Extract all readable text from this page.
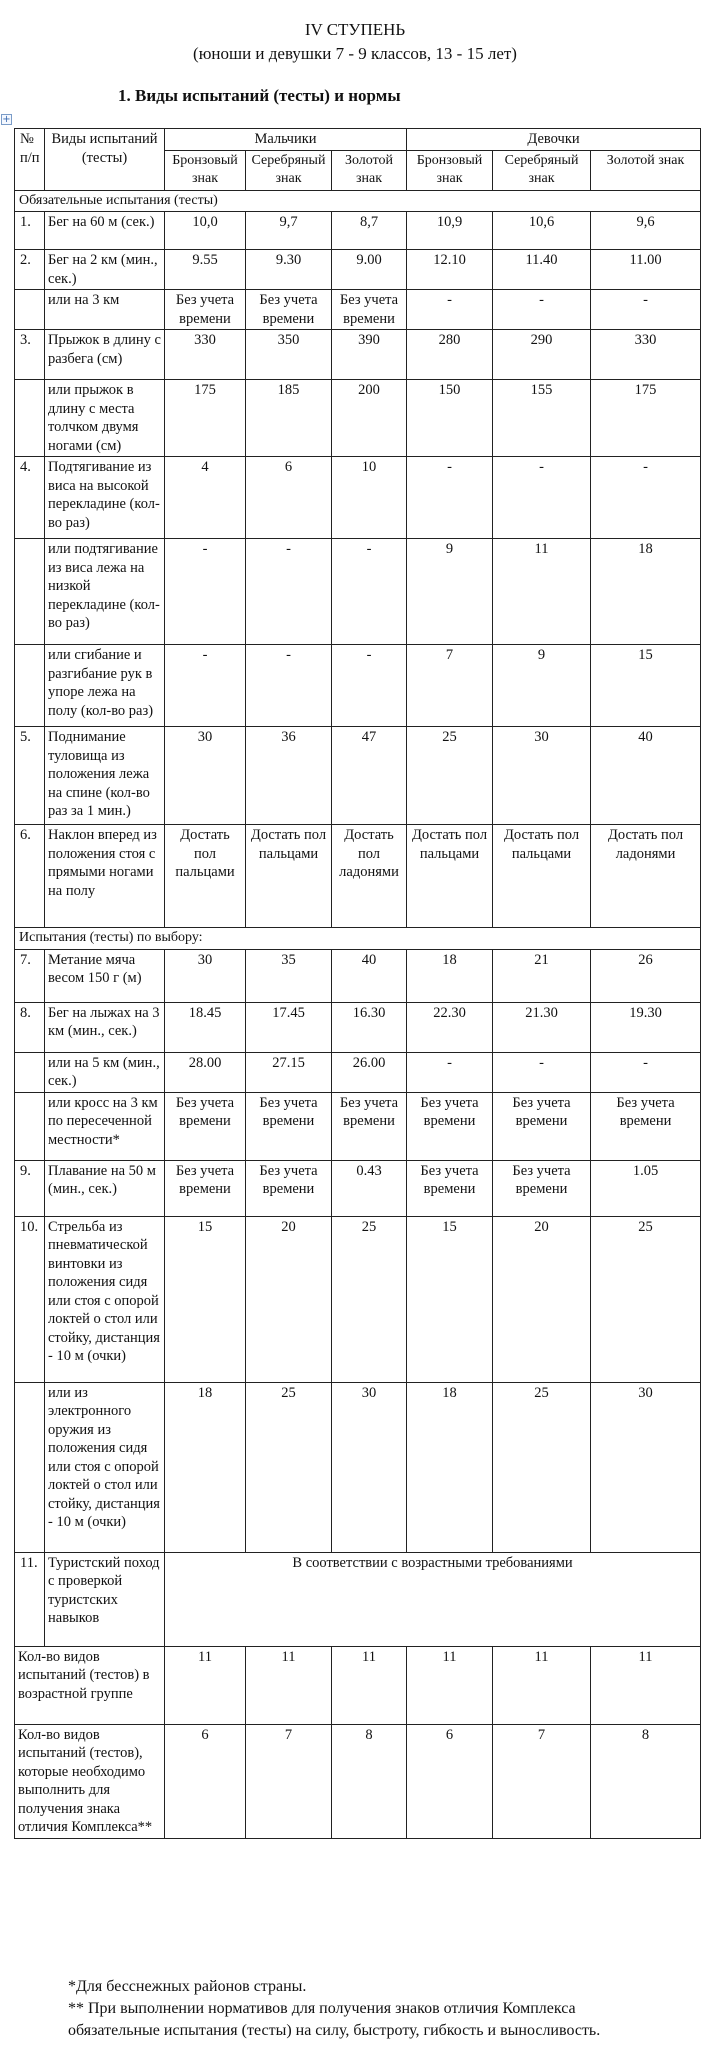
IV СТУПЕНЬ
(юноши и девушки 7 - 9 классов, 13 - 15 лет)
1. Виды испытаний (тесты) и нормы
+
№ п/п	Виды испытаний (тесты)	Мальчики			Девочки		
		Бронзовый знак	Серебряный знак	Золотой знак	Бронзовый знак	Серебряный знак	Золотой знак
Обязательные испытания (тесты)							
1.	Бег на 60 м (сек.)	10,0	9,7	8,7	10,9	10,6	9,6
2.	Бег на 2 км (мин., сек.)	9.55	9.30	9.00	12.10	11.40	11.00
	или на 3 км	Без учета времени	Без учета времени	Без учета времени	-	-	-
3.	Прыжок в длину с разбега (см)	330	350	390	280	290	330
	или прыжок в длину с места толчком двумя ногами (см)	175	185	200	150	155	175
4.	Подтягивание из виса на высокой перекладине (кол-во раз)	4	6	10	-	-	-
	или подтягивание из виса лежа на низкой перекладине (кол-во раз)	-	-	-	9	11	18
	или сгибание и разгибание рук в упоре лежа на полу (кол-во раз)	-	-	-	7	9	15
5.	Поднимание туловища из положения лежа на спине (кол-во раз за 1 мин.)	30	36	47	25	30	40
6.	Наклон вперед из положения стоя с прямыми ногами на полу	Достать пол пальцами	Достать пол пальцами	Достать пол ладонями	Достать пол пальцами	Достать пол пальцами	Достать пол ладонями
Испытания (тесты) по выбору:							
7.	Метание мяча весом 150 г (м)	30	35	40	18	21	26
8.	Бег на лыжах на 3 км (мин., сек.)	18.45	17.45	16.30	22.30	21.30	19.30
	или на 5 км (мин., сек.)	28.00	27.15	26.00	-	-	-
	или кросс на 3 км по пересеченной местности*	Без учета времени	Без учета времени	Без учета времени	Без учета времени	Без учета времени	Без учета времени
9.	Плавание на 50 м (мин., сек.)	Без учета времени	Без учета времени	0.43	Без учета времени	Без учета времени	1.05
10.	Стрельба из пневматической винтовки из положения сидя или стоя с опорой локтей о стол или стойку, дистанция - 10 м (очки)	15	20	25	15	20	25
	или из электронного оружия из положения сидя или стоя с опорой локтей о стол или стойку, дистанция - 10 м (очки)	18	25	30	18	25	30
11.	Туристский поход с проверкой туристских навыков	В соответствии с возрастными требованиями					
Кол-во видов испытаний (тестов) в возрастной группе		11	11	11	11	11	11
Кол-во видов испытаний (тестов), которые необходимо выполнить для получения знака отличия Комплекса**		6	7	8	6	7	8
*Для бесснежных районов страны.
** При выполнении нормативов для получения знаков отличия Комплекса
обязательные испытания (тесты) на силу, быстроту, гибкость и выносливость.
